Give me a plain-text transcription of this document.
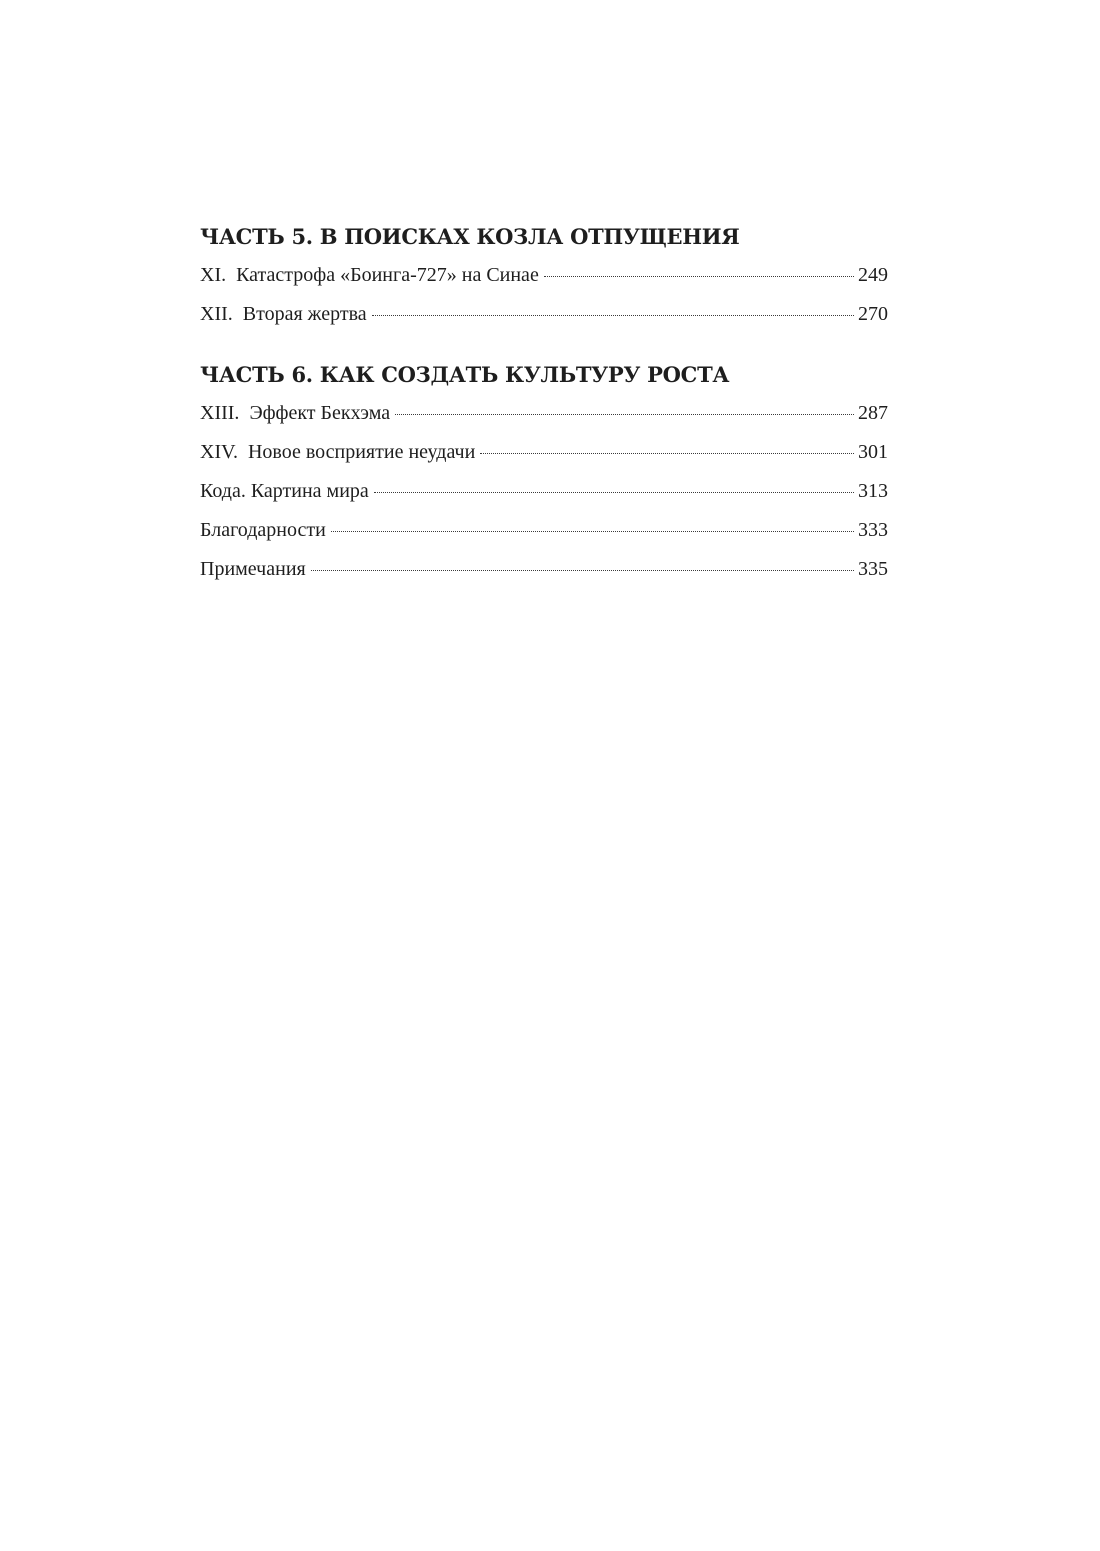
ЧАСТЬ 5. В ПОИСКАХ КОЗЛА ОТПУЩЕНИЯ
XI. Катастрофа «Боинга-727» на Синае	249
XII. Вторая жертва	270
ЧАСТЬ 6. КАК СОЗДАТЬ КУЛЬТУРУ РОСТА
XIII. Эффект Бекхэма	287
XIV. Новое восприятие неудачи	301
Кода. Картина мира	313
Благодарности	333
Примечания	335
